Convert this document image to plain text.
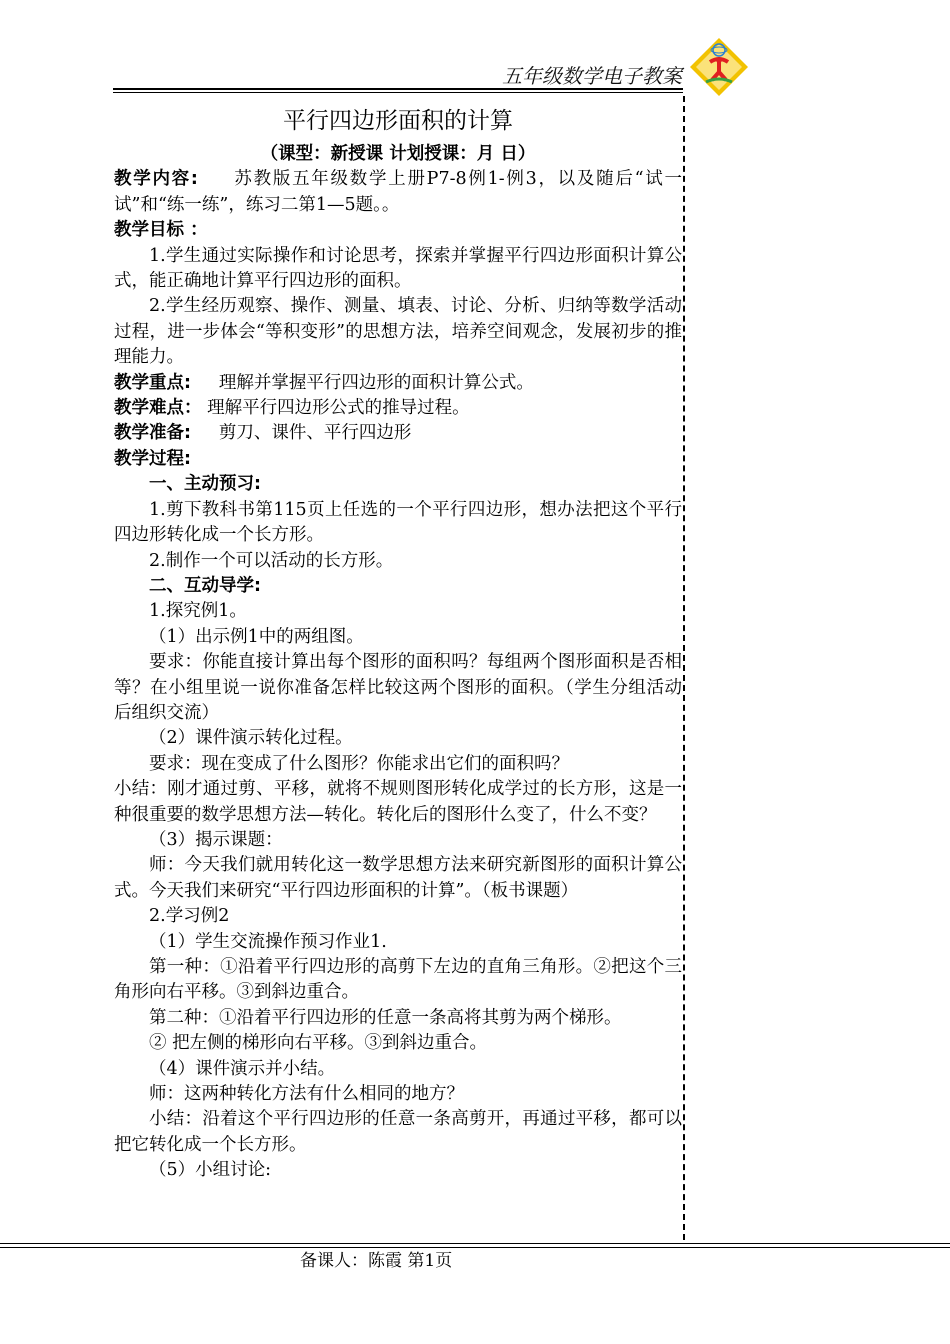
五年级数学电子教案

平行四边形面积的计算

（课型：新授课 计划授课：月 日）

教学内容: 苏教版五年级数学上册P7-8例1-例3，以及随后“试一试”和“练一练”，练习二第1—5题。。

教学目标 ：

1.学生通过实际操作和讨论思考，探索并掌握平行四边形面积计算公式，能正确地计算平行四边形的面积。

2.学生经历观察、操作、测量、填表、讨论、分析、归纳等数学活动过程，进一步体会“等积变形”的思想方法，培养空间观念，发展初步的推理能力。

教学重点: 理解并掌握平行四边形的面积计算公式。

教学难点： 理解平行四边形公式的推导过程。

教学准备: 剪刀、课件、平行四边形

教学过程:

一、主动预习:

1.剪下教科书第115页上任选的一个平行四边形，想办法把这个平行四边形转化成一个长方形。

2.制作一个可以活动的长方形。

二、互动导学:

1.探究例1。

（1）出示例1中的两组图。

要求：你能直接计算出每个图形的面积吗？每组两个图形面积是否相等？在小组里说一说你准备怎样比较这两个图形的面积。（学生分组活动后组织交流）

（2）课件演示转化过程。

要求：现在变成了什么图形？你能求出它们的面积吗？

小结：刚才通过剪、平移，就将不规则图形转化成学过的长方形，这是一种很重要的数学思想方法—转化。转化后的图形什么变了，什么不变？

（3）揭示课题：

师：今天我们就用转化这一数学思想方法来研究新图形的面积计算公式。今天我们来研究“平行四边形面积的计算”。（板书课题）

2.学习例2

（1）学生交流操作预习作业1.

第一种：①沿着平行四边形的高剪下左边的直角三角形。②把这个三角形向右平移。③到斜边重合。

第二种：①沿着平行四边形的任意一条高将其剪为两个梯形。

② 把左侧的梯形向右平移。③到斜边重合。

（4）课件演示并小结。

师：这两种转化方法有什么相同的地方？

小结：沿着这个平行四边形的任意一条高剪开，再通过平移，都可以把它转化成一个长方形。

（5）小组讨论:

备课人：陈霞 第1页
